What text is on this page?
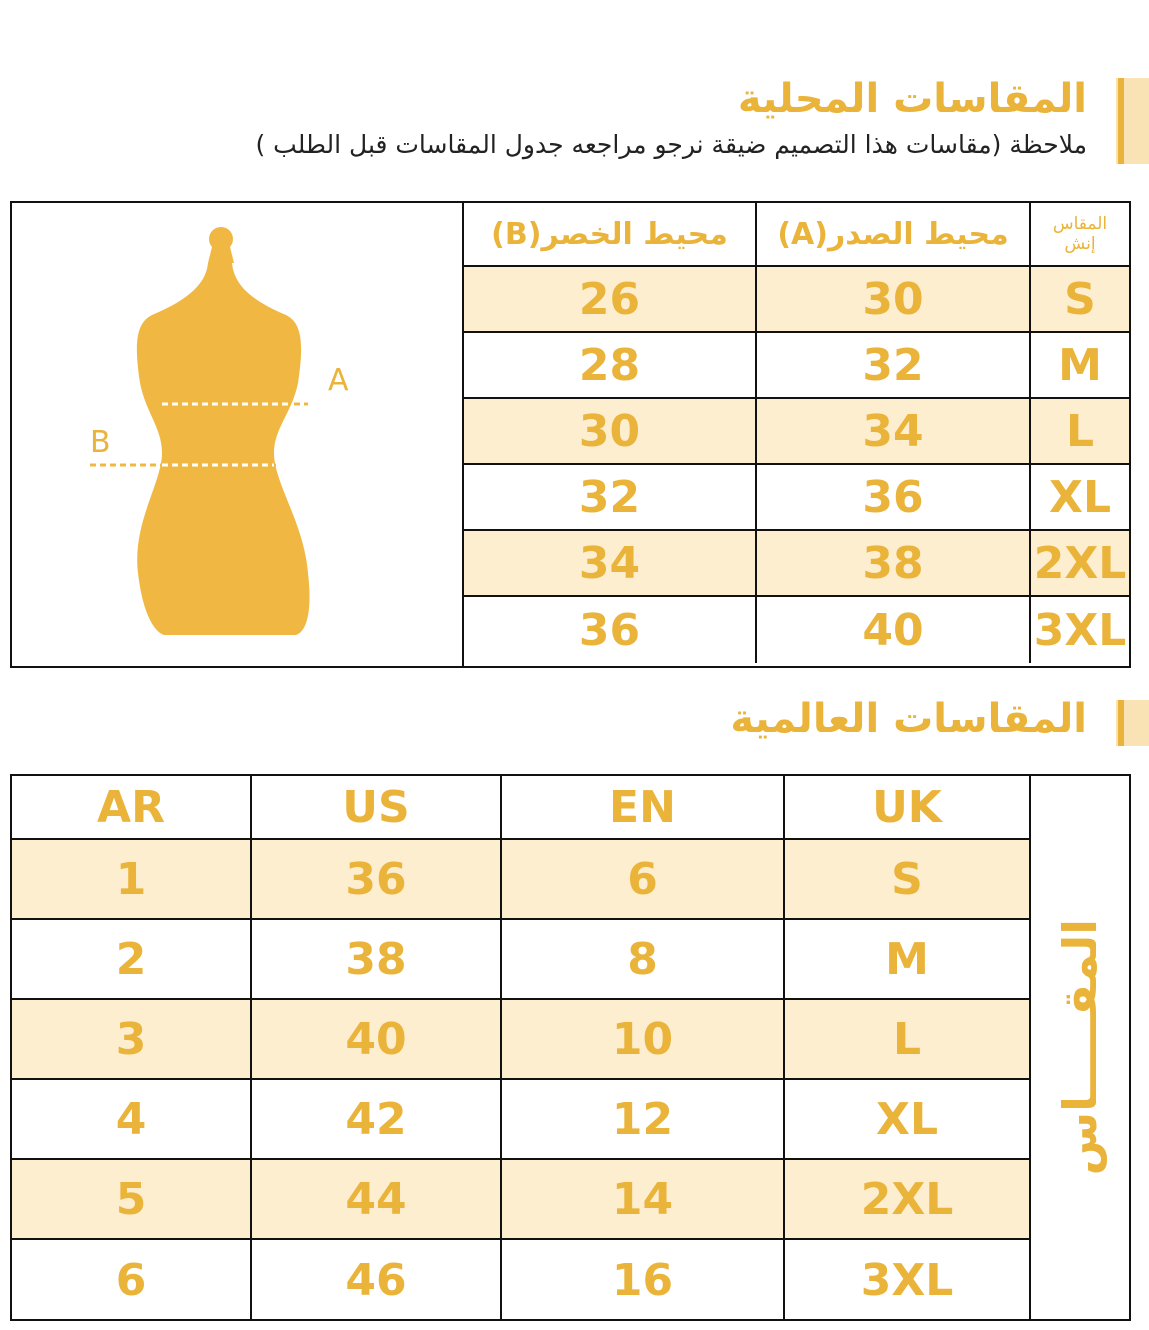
المقاسات المحلية
ملاحظة (مقاسات هذا التصميم ضيقة نرجو مراجعه جدول المقاسات قبل الطلب )
A
B
محيط الخصر(B)	محيط الصدر(A)	المقاس
إنش
26	30	S
28	32	M
30	34	L
32	36	XL
34	38	2XL
36	40	3XL
المقاسات العالمية
AR	US	EN	UK
1	36	6	S
2	38	8	M
3	40	10	L
4	42	12	XL
5	44	14	2XL
6	46	16	3XL
المقـــــاس
‏
